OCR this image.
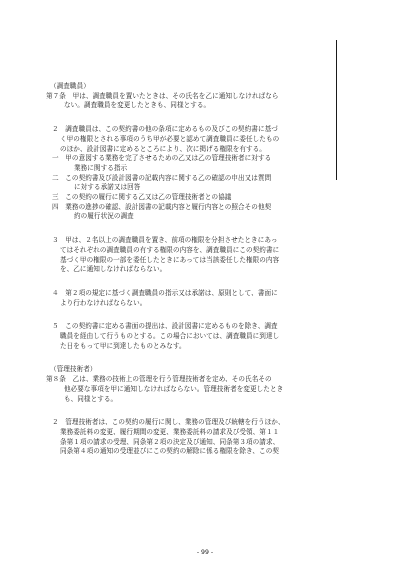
（調査職員）
第７条　甲は、調査職員を置いたときは、その氏名を乙に通知しなければなら
ない。調査職員を変更したときも、同様とする。
２　調査職員は、この契約書の他の条項に定めるもの及びこの契約書に基づ
く甲の権限とされる事項のうち甲が必要と認めて調査職員に委任したもの
のほか、設計図書に定めるところにより、次に掲げる権限を有する。
一　甲の意図する業務を完了させるための乙又は乙の管理技術者に対する
業務に関する指示
二　この契約書及び設計図書の記載内容に関する乙の確認の申出又は質問
に対する承諾又は回答
三　この契約の履行に関する乙又は乙の管理技術者との協議
四　業務の進捗の確認、設計図書の記載内容と履行内容との照合その他契
約の履行状況の調査
３　甲は、２名以上の調査職員を置き、前項の権限を分担させたときにあっ
てはそれぞれの調査職員の有する権限の内容を、調査職員にこの契約書に
基づく甲の権限の一部を委任したときにあっては当該委任した権限の内容
を、乙に通知しなければならない。
４　第２項の規定に基づく調査職員の指示又は承諾は、原則として、書面に
より行わなければならない。
５　この契約書に定める書面の提出は、設計図書に定めるものを除き、調査
職員を経由して行うものとする。この場合においては、調査職員に到達し
た日をもって甲に到達したものとみなす。
（管理技術者）
第８条　乙は、業務の技術上の管理を行う管理技術者を定め、その氏名その
他必要な事項を甲に通知しなければならない。管理技術者を変更したとき
も、同様とする。
２　管理技術者は、この契約の履行に関し、業務の管理及び統轄を行うほか、
業務委託料の変更、履行期間の変更、業務委託料の請求及び受領、第１１
条第１項の請求の受理、同条第２項の決定及び通知、同条第３項の請求、
同条第４項の通知の受理並びにこの契約の解除に係る権限を除き、この契
- 99 -
